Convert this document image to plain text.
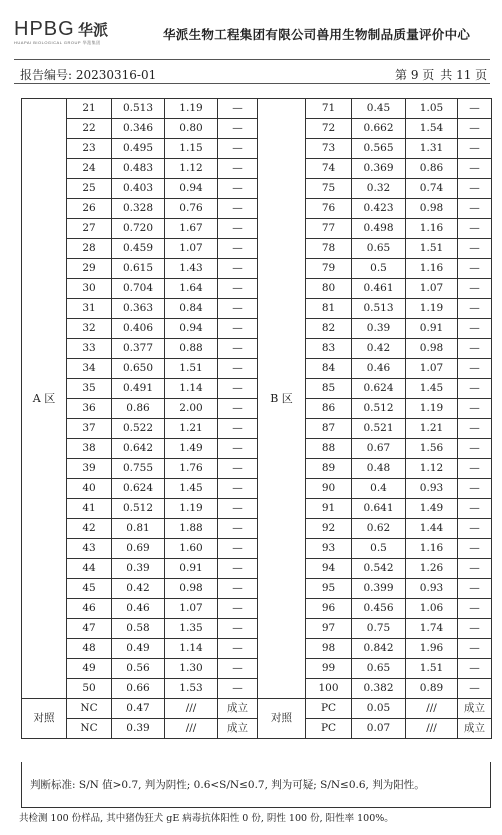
HPBG 华派
HUAPAI BIOLOGICAL GROUP 华派集团
华派生物工程集团有限公司兽用生物制品质量评价中心
报告编号: 20230316-01	第 9 页 共 11 页
A 区	21	0.513	1.19	—	B 区	71	0.45	1.05	—
	22	0.346	0.80	—		72	0.662	1.54	—
	23	0.495	1.15	—		73	0.565	1.31	—
	24	0.483	1.12	—		74	0.369	0.86	—
	25	0.403	0.94	—		75	0.32	0.74	—
	26	0.328	0.76	—		76	0.423	0.98	—
	27	0.720	1.67	—		77	0.498	1.16	—
	28	0.459	1.07	—		78	0.65	1.51	—
	29	0.615	1.43	—		79	0.5	1.16	—
	30	0.704	1.64	—		80	0.461	1.07	—
	31	0.363	0.84	—		81	0.513	1.19	—
	32	0.406	0.94	—		82	0.39	0.91	—
	33	0.377	0.88	—		83	0.42	0.98	—
	34	0.650	1.51	—		84	0.46	1.07	—
	35	0.491	1.14	—		85	0.624	1.45	—
	36	0.86	2.00	—		86	0.512	1.19	—
	37	0.522	1.21	—		87	0.521	1.21	—
	38	0.642	1.49	—		88	0.67	1.56	—
	39	0.755	1.76	—		89	0.48	1.12	—
	40	0.624	1.45	—		90	0.4	0.93	—
	41	0.512	1.19	—		91	0.641	1.49	—
	42	0.81	1.88	—		92	0.62	1.44	—
	43	0.69	1.60	—		93	0.5	1.16	—
	44	0.39	0.91	—		94	0.542	1.26	—
	45	0.42	0.98	—		95	0.399	0.93	—
	46	0.46	1.07	—		96	0.456	1.06	—
	47	0.58	1.35	—		97	0.75	1.74	—
	48	0.49	1.14	—		98	0.842	1.96	—
	49	0.56	1.30	—		99	0.65	1.51	—
	50	0.66	1.53	—		100	0.382	0.89	—
对照	NC	0.47	///	成立	对照	PC	0.05	///	成立
	NC	0.39	///	成立		PC	0.07	///	成立
判断标准: S/N 值>0.7, 判为阴性; 0.6<S/N≤0.7, 判为可疑; S/N≤0.6, 判为阳性。
共检测 100 份样品, 其中猪伪狂犬 gE 病毒抗体阳性 0 份, 阴性 100 份, 阳性率 100%。
